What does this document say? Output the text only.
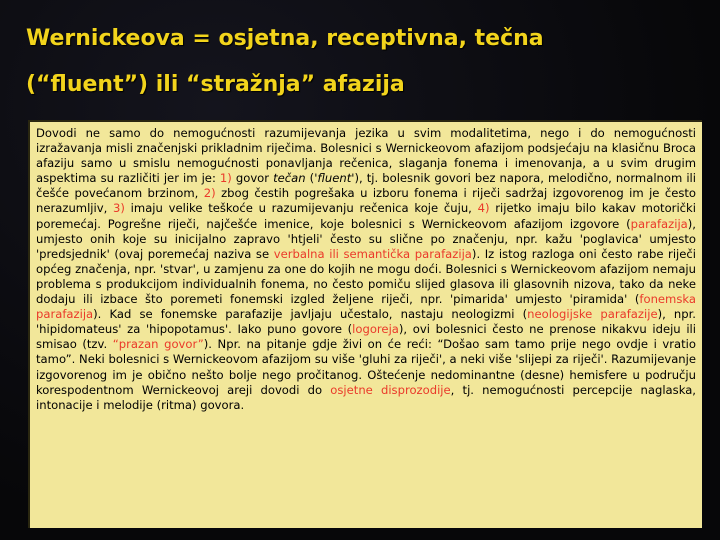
Wernickeova = osjetna, receptivna, tečna
(“fluent”) ili “stražnja” afazija

Dovodi ne samo do nemogućnosti razumijevanja jezika u svim modalitetima, nego i do nemogućnosti izražavanja misli značenjski prikladnim riječima. Bolesnici s Wernickeovom afazijom podsjećaju na klasičnu Broca afaziju samo u smislu nemogućnosti ponavljanja rečenica, slaganja fonema i imenovanja, a u svim drugim aspektima su različiti jer im je: 1) govor tečan ('fluent'), tj. bolesnik govori bez napora, melodično, normalnom ili češće povećanom brzinom, 2) zbog čestih pogrešaka u izboru fonema i riječi sadržaj izgovorenog im je često nerazumljiv, 3) imaju velike teškoće u razumijevanju rečenica koje čuju, 4) rijetko imaju bilo kakav motorički poremećaj. Pogrešne riječi, najčešće imenice, koje bolesnici s Wernickeovom afazijom izgovore (parafazija), umjesto onih koje su inicijalno zapravo 'htjeli' često su slične po značenju, npr. kažu 'poglavica' umjesto 'predsjednik' (ovaj poremećaj naziva se verbalna ili semantička parafazija). Iz istog razloga oni često rabe riječi općeg značenja, npr. 'stvar', u zamjenu za one do kojih ne mogu doći. Bolesnici s Wernickeovom afazijom nemaju problema s produkcijom individualnih fonema, no često pomiču slijed glasova ili glasovnih nizova, tako da neke dodaju ili izbace što poremeti fonemski izgled željene riječi, npr. 'pimarida' umjesto 'piramida' (fonemska parafazija). Kad se fonemske parafazije javljaju učestalo, nastaju neologizmi (neologijske parafazije), npr. 'hipidomateus' za 'hipopotamus'. Iako puno govore (logoreja), ovi bolesnici često ne prenose nikakvu ideju ili smisao (tzv. “prazan govor”). Npr. na pitanje gdje živi on će reći: “Došao sam tamo prije nego ovdje i vratio tamo”. Neki bolesnici s Wernickeovom afazijom su više 'gluhi za riječi', a neki više 'slijepi za riječi'. Razumijevanje izgovorenog im je obično nešto bolje nego pročitanog. Oštećenje nedominantne (desne) hemisfere u području korespodentnom Wernickeovoj areji dovodi do osjetne disprozodije, tj. nemogućnosti percepcije naglaska, intonacije i melodije (ritma) govora.
